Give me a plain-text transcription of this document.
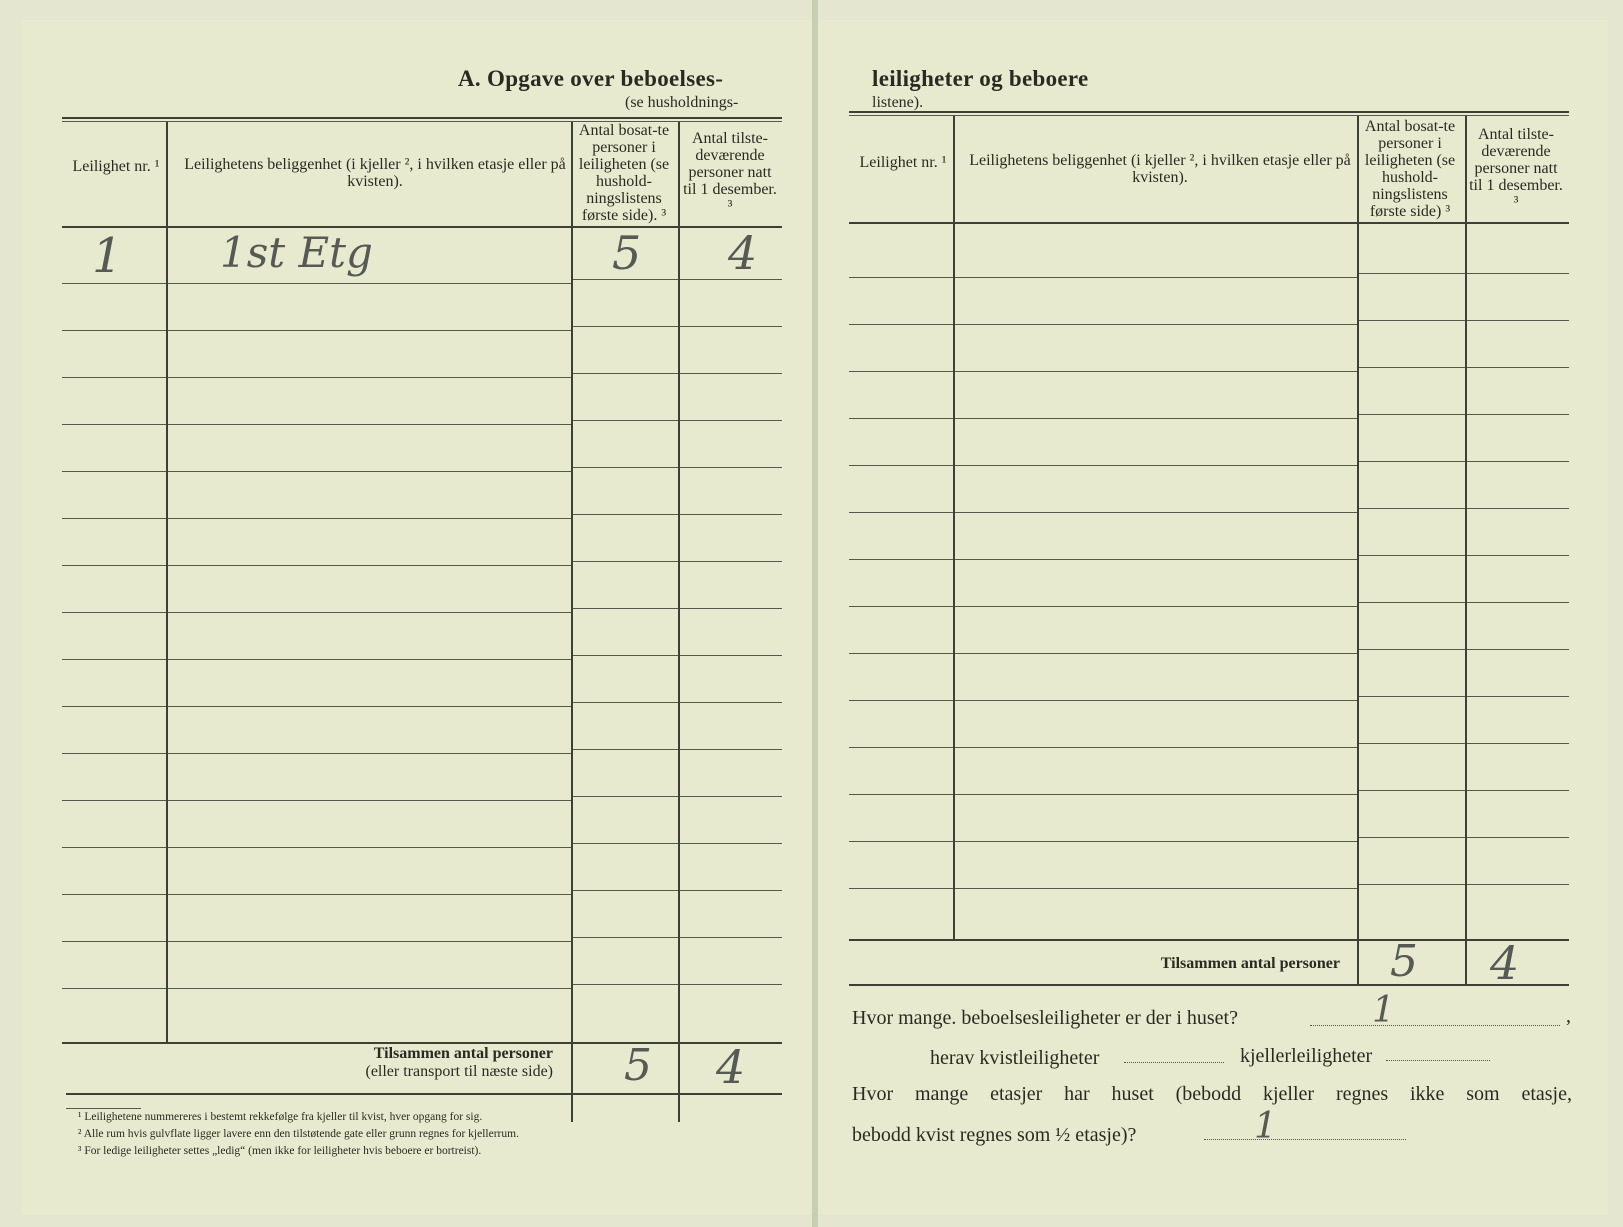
A. Opgave over beboelses-
(se husholdnings-
Leilighet nr. ¹	Leilighetens beliggenhet (i kjeller ², i hvilken etasje eller på kvisten).
Antal bosat-te personer i leiligheten (se hushold-ningslistens første side). ³
Antal tilste-deværende personer natt til 1 desember. ³
1 1st Etg	5 4
Tilsammen antal personer
(eller transport til næste side) 5 4
¹ Leilighetene nummereres i bestemt rekkefølge fra kjeller til kvist, hver opgang for sig.
² Alle rum hvis gulvflate ligger lavere enn den tilstøtende gate eller grunn regnes for kjellerrum.
³ For ledige leiligheter settes „ledig“ (men ikke for leiligheter hvis beboere er bortreist).
leiligheter og beboere
listene).
Leilighet nr. ¹	Leilighetens beliggenhet (i kjeller ², i hvilken etasje eller på kvisten).
Antal bosat-te personer i leiligheten (se hushold-ningslistens første side) ³
Antal tilste-deværende personer natt til 1 desember. ³
Tilsammen antal personer 5 4
Hvor mange. beboelsesleiligheter er der i huset?	1	,
herav kvistleiligheter	kjellerleiligheter
Hvor mange etasjer har huset (bebodd kjeller regnes ikke som etasje,
bebodd kvist regnes som ½ etasje)?	1
